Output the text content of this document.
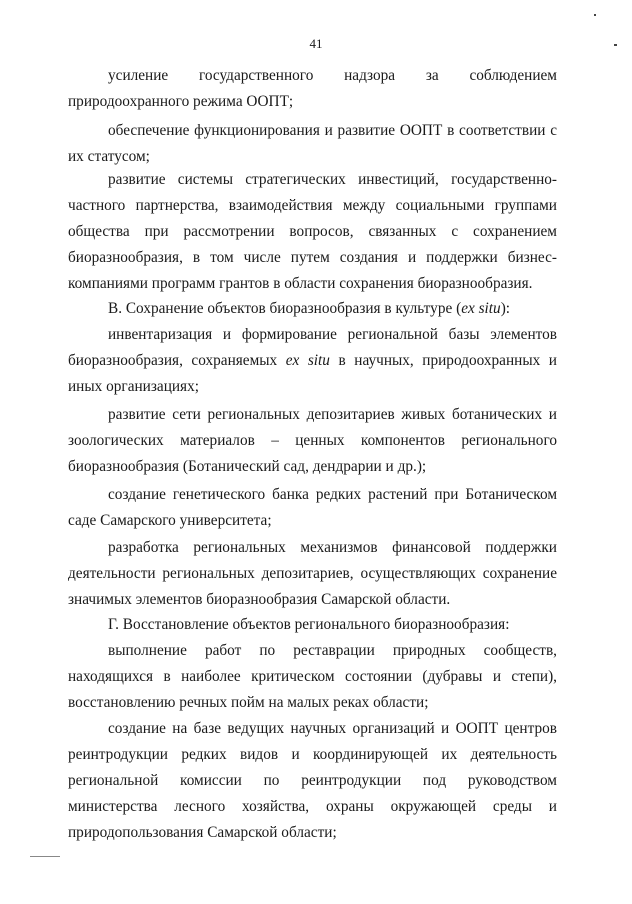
41

усиление государственного надзора за соблюдением природоохранного режима ООПТ;

обеспечение функционирования и развитие ООПТ в соответствии с их статусом;

развитие системы стратегических инвестиций, государственно-частного партнерства, взаимодействия между социальными группами общества при рассмотрении вопросов, связанных с сохранением биоразнообразия, в том числе путем создания и поддержки бизнес-компаниями программ грантов в области сохранения биоразнообразия.

В. Сохранение объектов биоразнообразия в культуре (ex situ):

инвентаризация и формирование региональной базы элементов биоразнообразия, сохраняемых ex situ в научных, природоохранных и иных организациях;

развитие сети региональных депозитариев живых ботанических и зоологических материалов – ценных компонентов регионального биоразнообразия (Ботанический сад, дендрарии и др.);

создание генетического банка редких растений при Ботаническом саде Самарского университета;

разработка региональных механизмов финансовой поддержки деятельности региональных депозитариев, осуществляющих сохранение значимых элементов биоразнообразия Самарской области.

Г. Восстановление объектов регионального биоразнообразия:

выполнение работ по реставрации природных сообществ, находящихся в наиболее критическом состоянии (дубравы и степи), восстановлению речных пойм на малых реках области;

создание на базе ведущих научных организаций и ООПТ центров реинтродукции редких видов и координирующей их деятельность региональной комиссии по реинтродукции под руководством министерства лесного хозяйства, охраны окружающей среды и природопользования Самарской области;
